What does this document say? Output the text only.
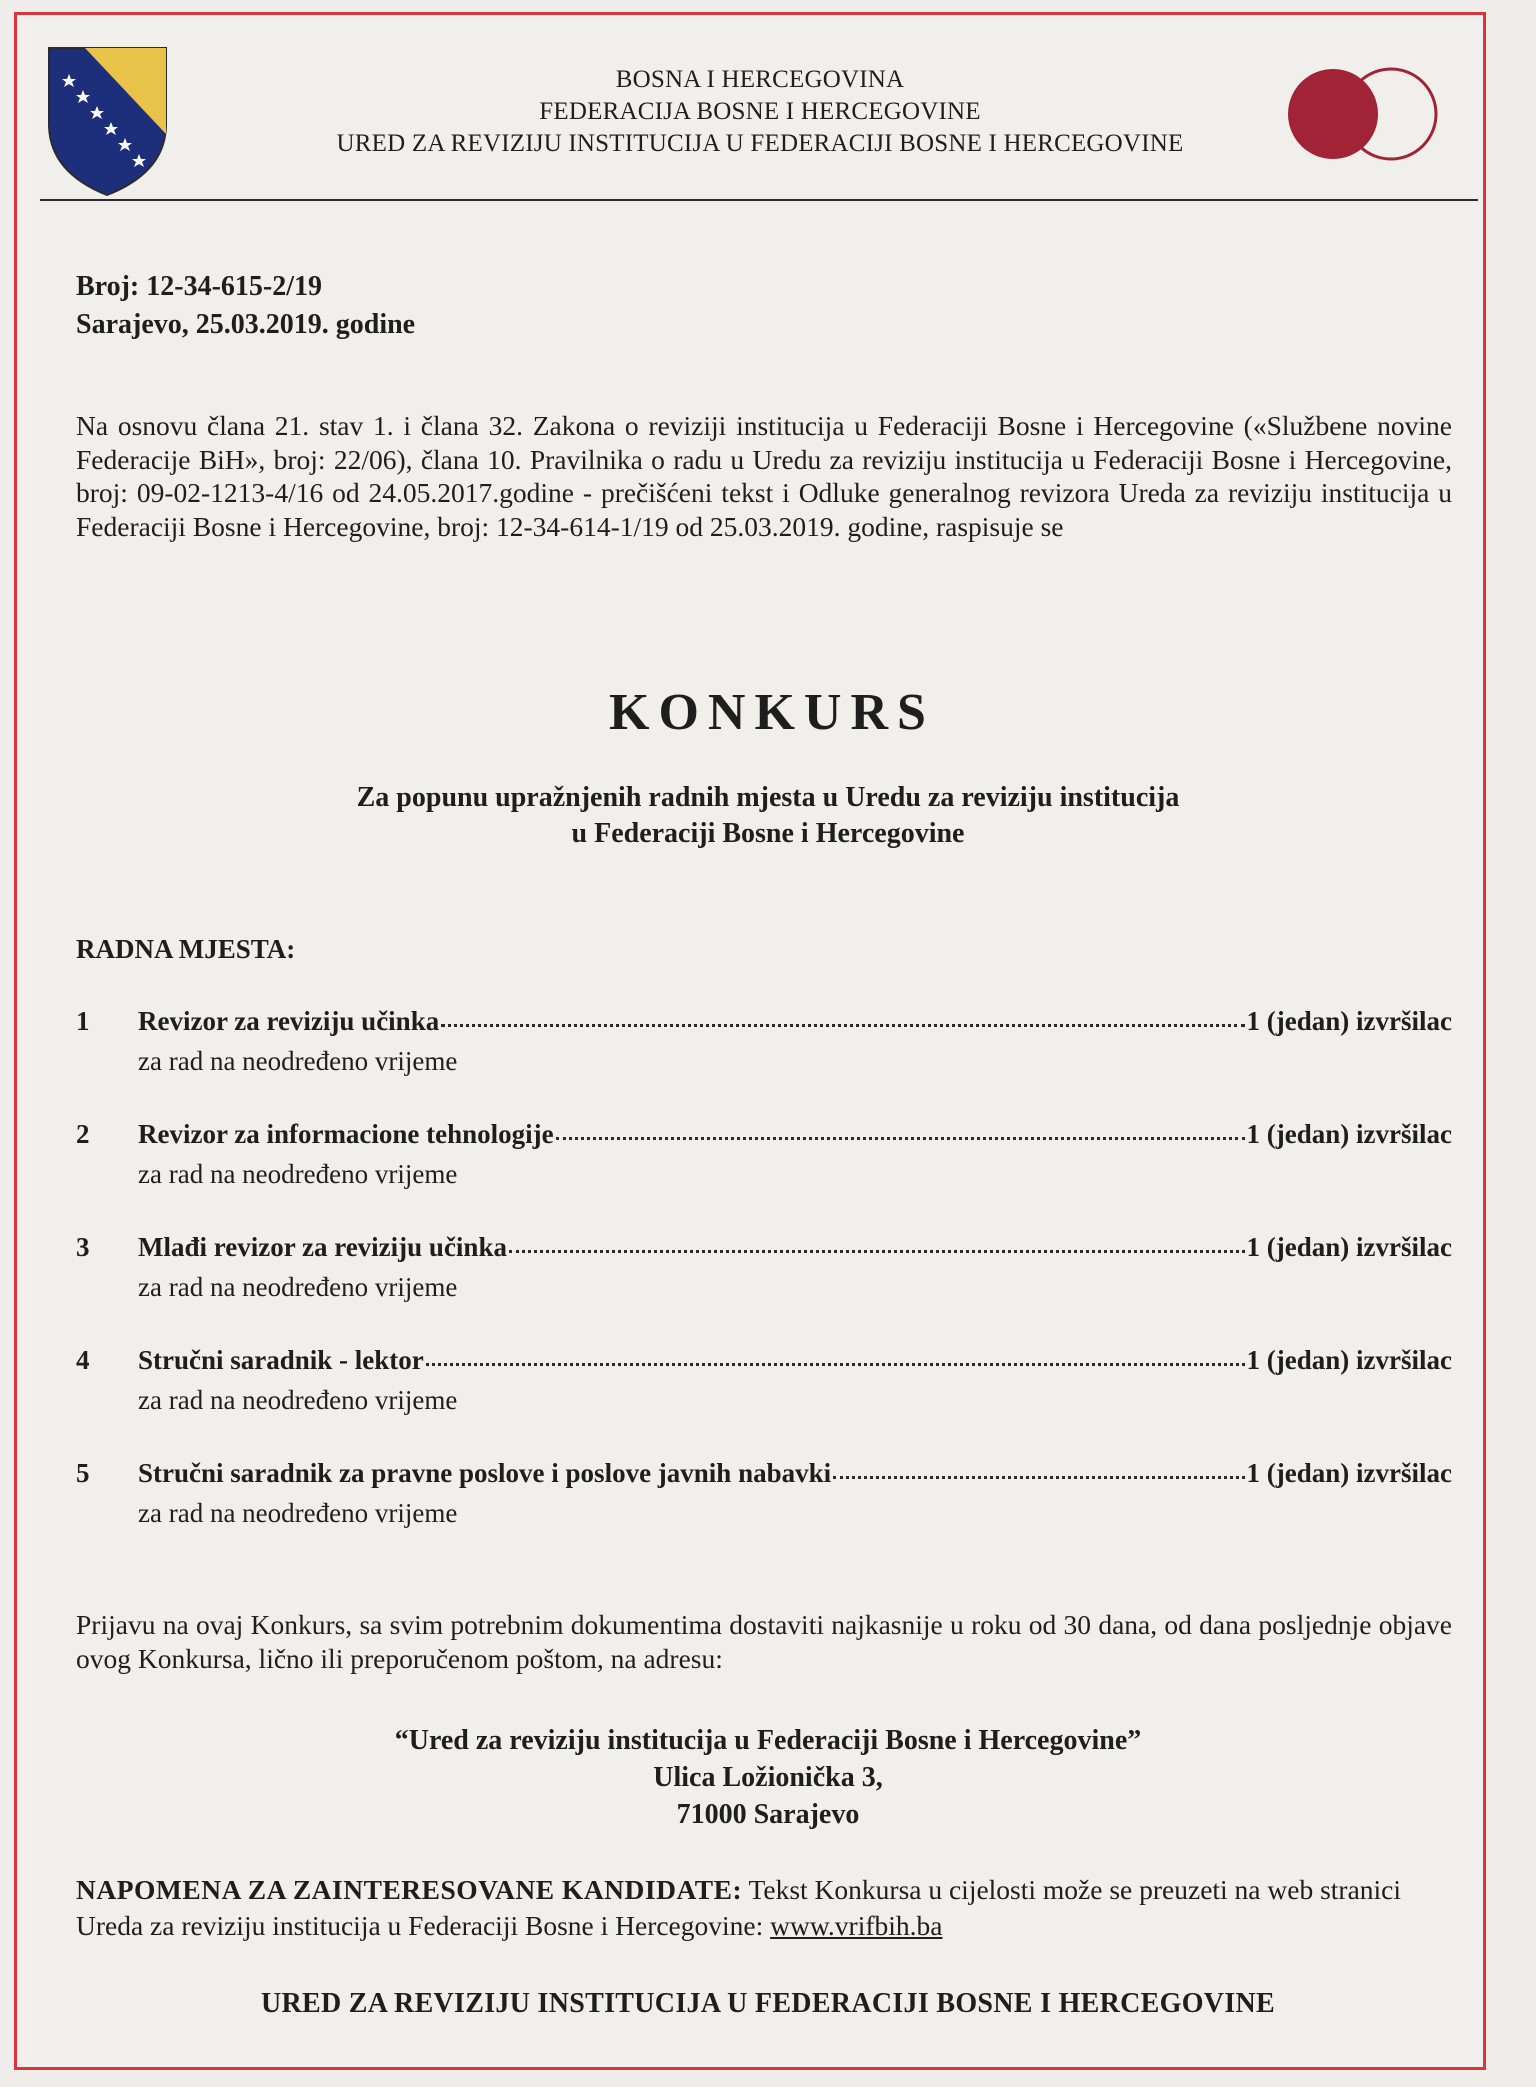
BOSNA I HERCEGOVINA
FEDERACIJA BOSNE I HERCEGOVINE
URED ZA REVIZIJU INSTITUCIJA U FEDERACIJI BOSNE I HERCEGOVINE
Broj: 12-34-615-2/19
Sarajevo, 25.03.2019. godine
Na osnovu člana 21. stav 1. i člana 32. Zakona o reviziji institucija u Federaciji Bosne i Hercegovine («Službene novine Federacije BiH», broj: 22/06), člana 10. Pravilnika o radu u Uredu za reviziju institucija u Federaciji Bosne i Hercegovine, broj: 09-02-1213-4/16 od 24.05.2017.godine - prečišćeni tekst i Odluke generalnog revizora Ureda za reviziju institucija u Federaciji Bosne i Hercegovine, broj: 12-34-614-1/19 od 25.03.2019. godine, raspisuje se
KONKURS
Za popunu upražnjenih radnih mjesta u Uredu za reviziju institucija
u Federaciji Bosne i Hercegovine
RADNA MJESTA:
1	Revizor za reviziju učinka	1 (jedan) izvršilac
za rad na neodređeno vrijeme
2	Revizor za informacione tehnologije	1 (jedan) izvršilac
za rad na neodređeno vrijeme
3	Mlađi revizor za reviziju učinka	1 (jedan) izvršilac
za rad na neodređeno vrijeme
4	Stručni saradnik - lektor	1 (jedan) izvršilac
za rad na neodređeno vrijeme
5	Stručni saradnik za pravne poslove i poslove javnih nabavki	1 (jedan) izvršilac
za rad na neodređeno vrijeme
Prijavu na ovaj Konkurs, sa svim potrebnim dokumentima dostaviti najkasnije u roku od 30 dana, od dana posljednje objave ovog Konkursa, lično ili preporučenom poštom, na adresu:
“Ured za reviziju institucija u Federaciji Bosne i Hercegovine”
Ulica Ložionička 3,
71000 Sarajevo
NAPOMENA ZA ZAINTERESOVANE KANDIDATE: Tekst Konkursa u cijelosti može se preuzeti na web stranici Ureda za reviziju institucija u Federaciji Bosne i Hercegovine: www.vrifbih.ba
URED ZA REVIZIJU INSTITUCIJA U FEDERACIJI BOSNE I HERCEGOVINE
